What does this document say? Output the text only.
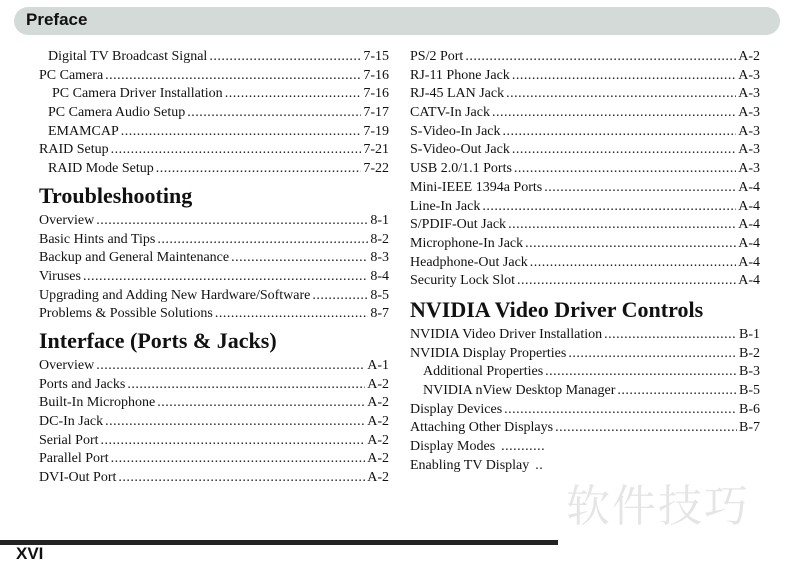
Preface
Digital TV Broadcast Signal .....	7-15
PC Camera .....	7-16
PC Camera Driver Installation .....	7-16
PC Camera Audio Setup .....	7-17
EMAMCAP .....	7-19
RAID Setup .....	7-21
RAID Mode Setup .....	7-22
Troubleshooting
Overview .....	8-1
Basic Hints and Tips .....	8-2
Backup and General Maintenance .....	8-3
Viruses .....	8-4
Upgrading and Adding New Hardware/Software .....	8-5
Problems & Possible Solutions .....	8-7
Interface (Ports & Jacks)
Overview .....	A-1
Ports and Jacks .....	A-2
Built-In Microphone .....	A-2
DC-In Jack .....	A-2
Serial Port .....	A-2
Parallel Port .....	A-2
DVI-Out Port .....	A-2
PS/2 Port .....	A-2
RJ-11 Phone Jack .....	A-3
RJ-45 LAN Jack .....	A-3
CATV-In Jack .....	A-3
S-Video-In Jack .....	A-3
S-Video-Out Jack .....	A-3
USB 2.0/1.1 Ports .....	A-3
Mini-IEEE 1394a Ports .....	A-4
Line-In Jack .....	A-4
S/PDIF-Out Jack .....	A-4
Microphone-In Jack .....	A-4
Headphone-Out Jack .....	A-4
Security Lock Slot .....	A-4
NVIDIA Video Driver Controls
NVIDIA Video Driver Installation .....	B-1
NVIDIA Display Properties .....	B-2
Additional Properties .....	B-3
NVIDIA nView Desktop Manager .....	B-5
Display Devices .....	B-6
Attaching Other Displays .....	B-7
Display Modes ...........
Enabling TV Display ..
软件技巧
XVI
